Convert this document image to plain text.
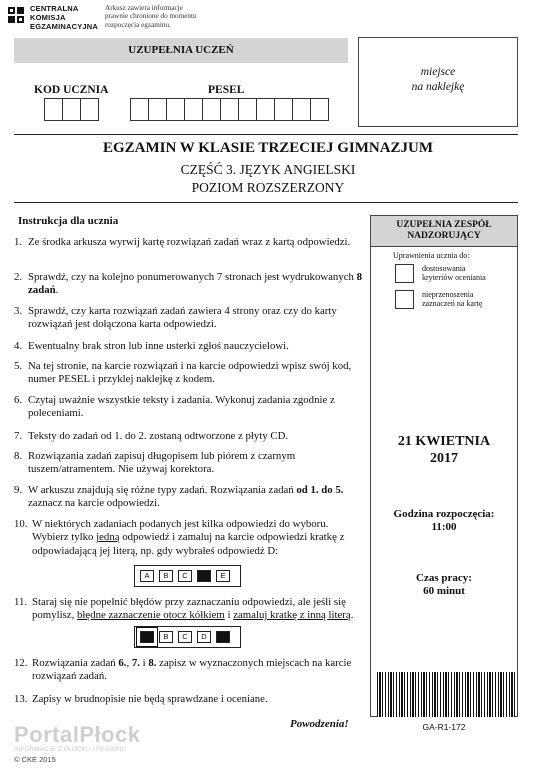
CENTRALNA
KOMISJA
EGZAMINACYJNA
Arkusz zawiera informacje
prawnie chronione do momentu
rozpoczęcia egzaminu.
UZUPEŁNIA UCZEŃ
KOD UCZNIA	PESEL
miejsce
na naklejkę
EGZAMIN W KLASIE TRZECIEJ GIMNAZJUM
CZĘŚĆ 3. JĘZYK ANGIELSKI
POZIOM ROZSZERZONY
Instrukcja dla ucznia
1. Ze środka arkusza wyrwij kartę rozwiązań zadań wraz z kartą odpowiedzi.
2. Sprawdź, czy na kolejno ponumerowanych 7 stronach jest wydrukowanych 8 zadań.
3. Sprawdź, czy karta rozwiązań zadań zawiera 4 strony oraz czy do karty rozwiązań jest dołączona karta odpowiedzi.
4. Ewentualny brak stron lub inne usterki zgłoś nauczycielowi.
5. Na tej stronie, na karcie rozwiązań i na karcie odpowiedzi wpisz swój kod, numer PESEL i przyklej naklejkę z kodem.
6. Czytaj uważnie wszystkie teksty i zadania. Wykonuj zadania zgodnie z poleceniami.
7. Teksty do zadań od 1. do 2. zostaną odtworzone z płyty CD.
8. Rozwiązania zadań zapisuj długopisem lub piórem z czarnym tuszem/atramentem. Nie używaj korektora.
9. W arkuszu znajdują się różne typy zadań. Rozwiązania zadań od 1. do 5. zaznacz na karcie odpowiedzi.
10. W niektórych zadaniach podanych jest kilka odpowiedzi do wyboru. Wybierz tylko jedną odpowiedź i zamaluj na karcie odpowiedzi kratkę z odpowiadającą jej literą, np. gdy wybrałeś odpowiedź D:
A	B	C	E
11. Staraj się nie popełnić błędów przy zaznaczaniu odpowiedzi, ale jeśli się pomylisz, błędne zaznaczenie otocz kółkiem i zamaluj kratkę z inną literą.
B	C	D
12. Rozwiązania zadań 6., 7. i 8. zapisz w wyznaczonych miejscach na karcie rozwiązań zadań.
13. Zapisy w brudnopisie nie będą sprawdzane i oceniane.
Powodzenia!
UZUPEŁNIA ZESPÓŁ
NADZORUJĄCY
Uprawnienia ucznia do:
dostosowania
kryteriów oceniania
nieprzenoszenia
zaznaczeń na kartę
21 KWIETNIA
2017
Godzina rozpoczęcia:
11:00
Czas pracy:
60 minut
GA-R1-172
© CKE 2015
PortalPłock
INFORMACJE Z PŁOCKU I REGIONU
